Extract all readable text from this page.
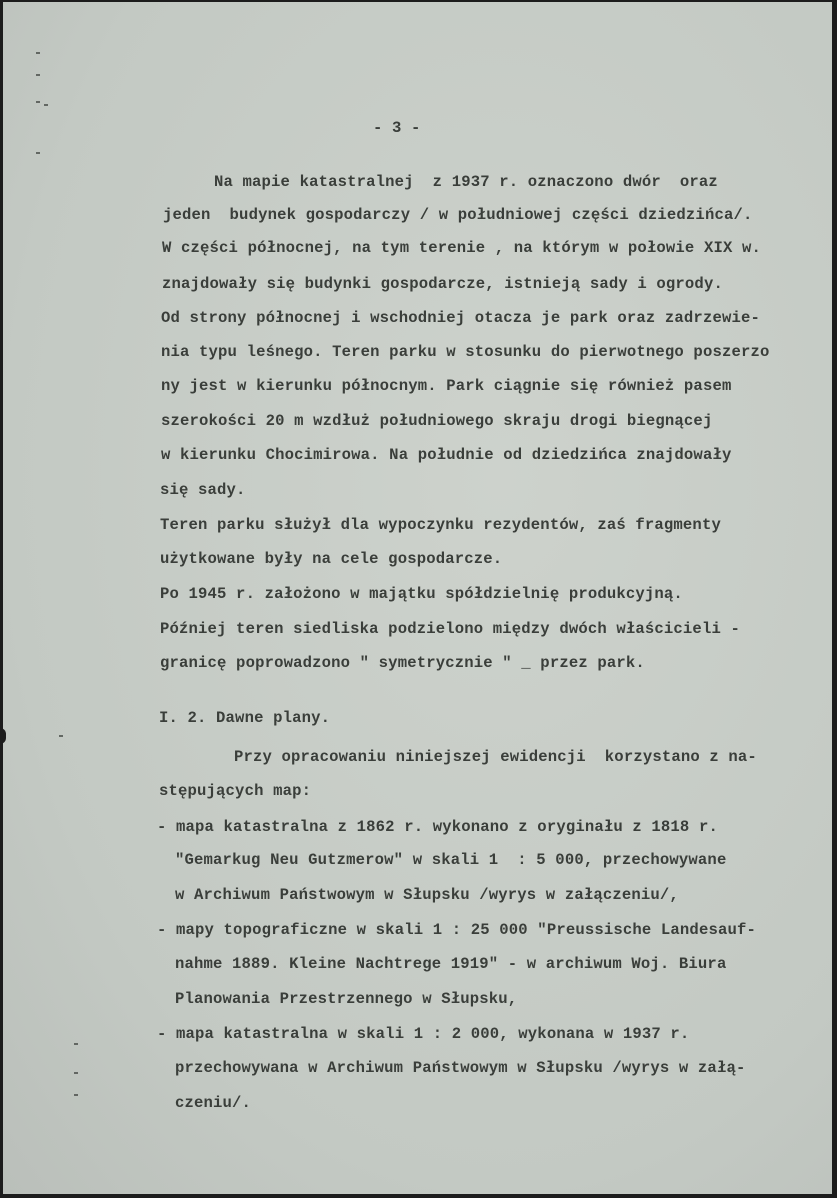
- 3 -
Na mapie katastralnej  z 1937 r. oznaczono dwór  oraz
jeden  budynek gospodarczy / w południowej części dziedzińca/.
W części północnej, na tym terenie , na którym w połowie XIX w.
znajdowały się budynki gospodarcze, istnieją sady i ogrody.
Od strony północnej i wschodniej otacza je park oraz zadrzewie-
nia typu leśnego. Teren parku w stosunku do pierwotnego poszerzo
ny jest w kierunku północnym. Park ciągnie się również pasem
szerokości 20 m wzdłuż południowego skraju drogi biegnącej
w kierunku Chocimirowa. Na południe od dziedzińca znajdowały
się sady.
Teren parku służył dla wypoczynku rezydentów, zaś fragmenty
użytkowane były na cele gospodarcze.
Po 1945 r. założono w majątku spółdzielnię produkcyjną.
Później teren siedliska podzielono między dwóch właścicieli -
granicę poprowadzono " symetrycznie " _ przez park.
I. 2. Dawne plany.
Przy opracowaniu niniejszej ewidencji  korzystano z na-
stępujących map:
- mapa katastralna z 1862 r. wykonano z oryginału z 1818 r.
"Gemarkug Neu Gutzmerow" w skali 1  : 5 000, przechowywane
w Archiwum Państwowym w Słupsku /wyrys w załączeniu/,
- mapy topograficzne w skali 1 : 25 000 "Preussische Landesauf-
nahme 1889. Kleine Nachtrege 1919" - w archiwum Woj. Biura
Planowania Przestrzennego w Słupsku,
- mapa katastralna w skali 1 : 2 000, wykonana w 1937 r.
przechowywana w Archiwum Państwowym w Słupsku /wyrys w załą-
czeniu/.
